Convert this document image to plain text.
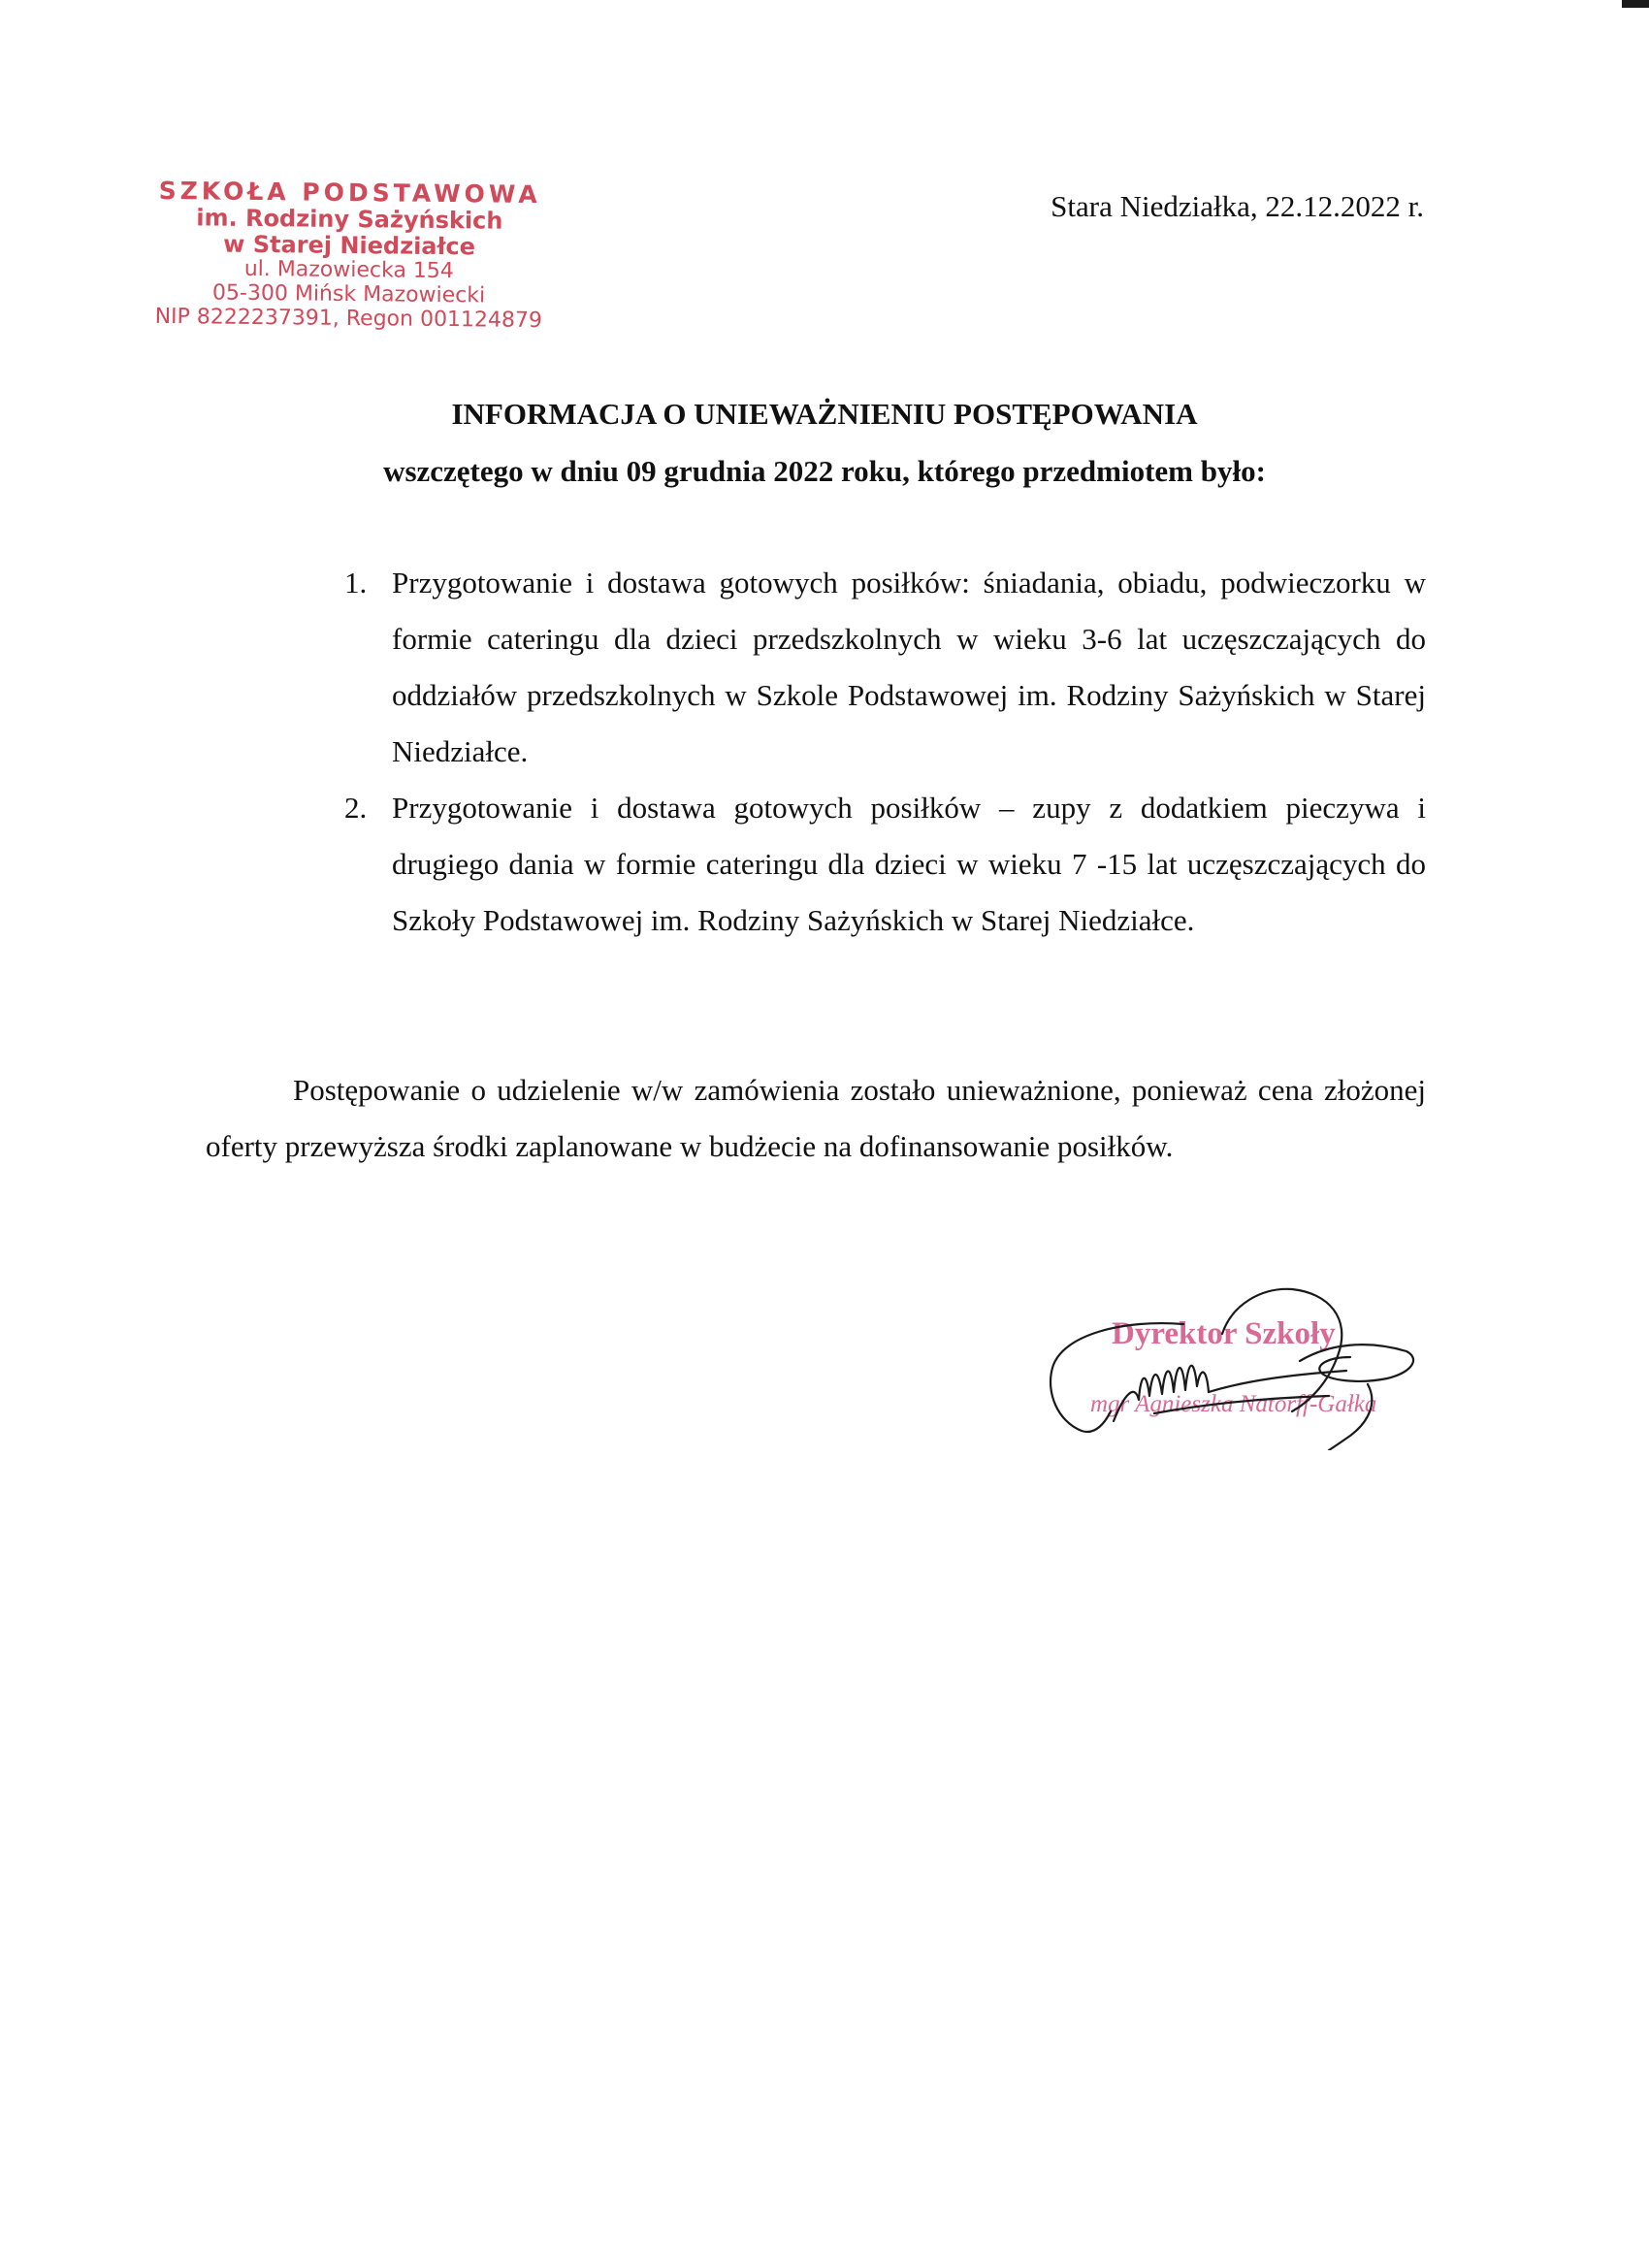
SZKOŁA PODSTAWOWA
im. Rodziny Sażyńskich
w Starej Niedziałce
ul. Mazowiecka 154
05-300 Mińsk Mazowiecki
NIP 8222237391, Regon 001124879
Stara Niedziałka, 22.12.2022 r.
INFORMACJA O UNIEWAŻNIENIU POSTĘPOWANIA
wszczętego w dniu 09 grudnia 2022 roku, którego przedmiotem było:
1. Przygotowanie i dostawa gotowych posiłków: śniadania, obiadu, podwieczorku w formie cateringu dla dzieci przedszkolnych w wieku 3-6 lat uczęszczających do oddziałów przedszkolnych w Szkole Podstawowej im. Rodziny Sażyńskich w Starej Niedziałce.
2. Przygotowanie i dostawa gotowych posiłków – zupy z dodatkiem pieczywa i drugiego dania w formie cateringu dla dzieci w wieku 7 -15 lat uczęszczających do Szkoły Podstawowej im. Rodziny Sażyńskich w Starej Niedziałce.

Postępowanie o udzielenie w/w zamówienia zostało unieważnione, ponieważ cena złożonej oferty przewyższa środki zaplanowane w budżecie na dofinansowanie posiłków.

Dyrektor Szkoły
mgr Agnieszka Natorff-Gałka
